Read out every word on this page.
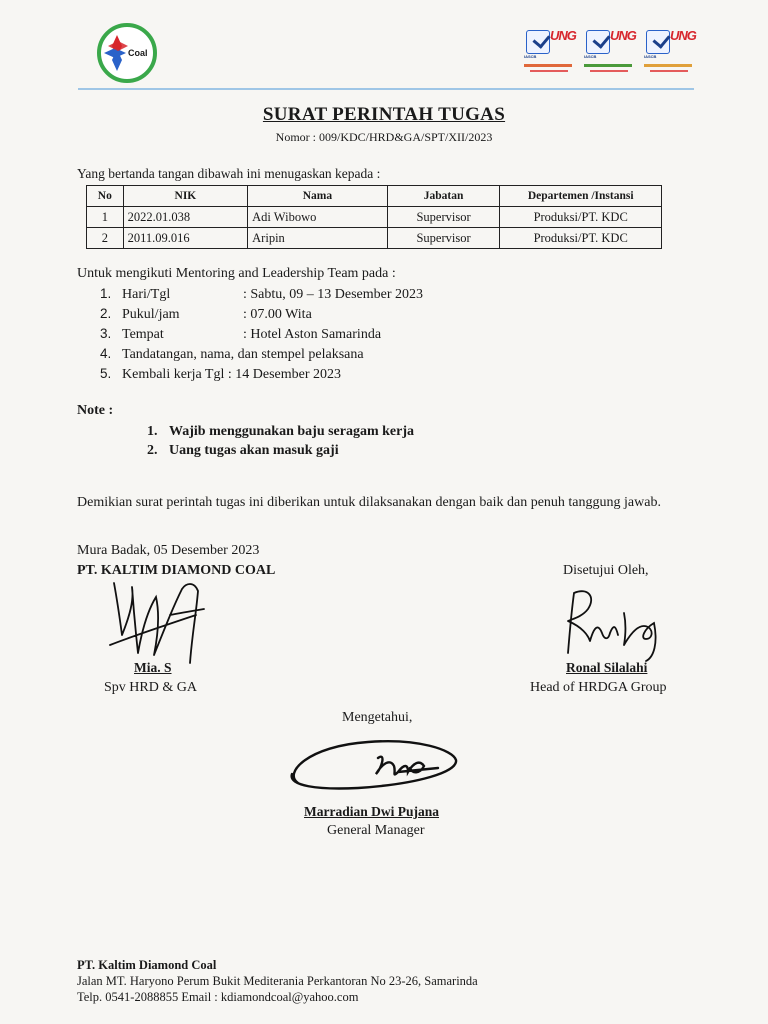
Coal	IASCB
UNG
IASCB
UNG
IASCB
UNG
SURAT PERINTAH TUGAS
Nomor : 009/KDC/HRD&GA/SPT/XII/2023
Yang bertanda tangan dibawah ini menugaskan kepada :
No	NIK	Nama	Jabatan	Departemen /Instansi
1	2022.01.038	Adi Wibowo	Supervisor	Produksi/PT. KDC
2	2011.09.016	Aripin	Supervisor	Produksi/PT. KDC
Untuk mengikuti Mentoring and Leadership Team pada :
1. Hari/Tgl	: Sabtu, 09 – 13 Desember 2023
2. Pukul/jam	: 07.00 Wita
3. Tempat	: Hotel Aston Samarinda
4. Tandatangan, nama, dan stempel pelaksana
5. Kembali kerja Tgl : 14 Desember 2023
Note :
1. Wajib menggunakan baju seragam kerja
2. Uang tugas akan masuk gaji
Demikian surat perintah tugas ini diberikan untuk dilaksanakan dengan baik dan penuh tanggung jawab.
Mura Badak, 05 Desember 2023
PT. KALTIM DIAMOND COAL	Disetujui Oleh,
Mia. S
Spv HRD & GA
Ronal Silalahi
Head of HRDGA Group
Mengetahui,
Marradian Dwi Pujana
General Manager
PT. Kaltim Diamond Coal
Jalan MT. Haryono Perum Bukit Mediterania Perkantoran No 23-26, Samarinda
Telp. 0541-2088855 Email : kdiamondcoal@yahoo.com
